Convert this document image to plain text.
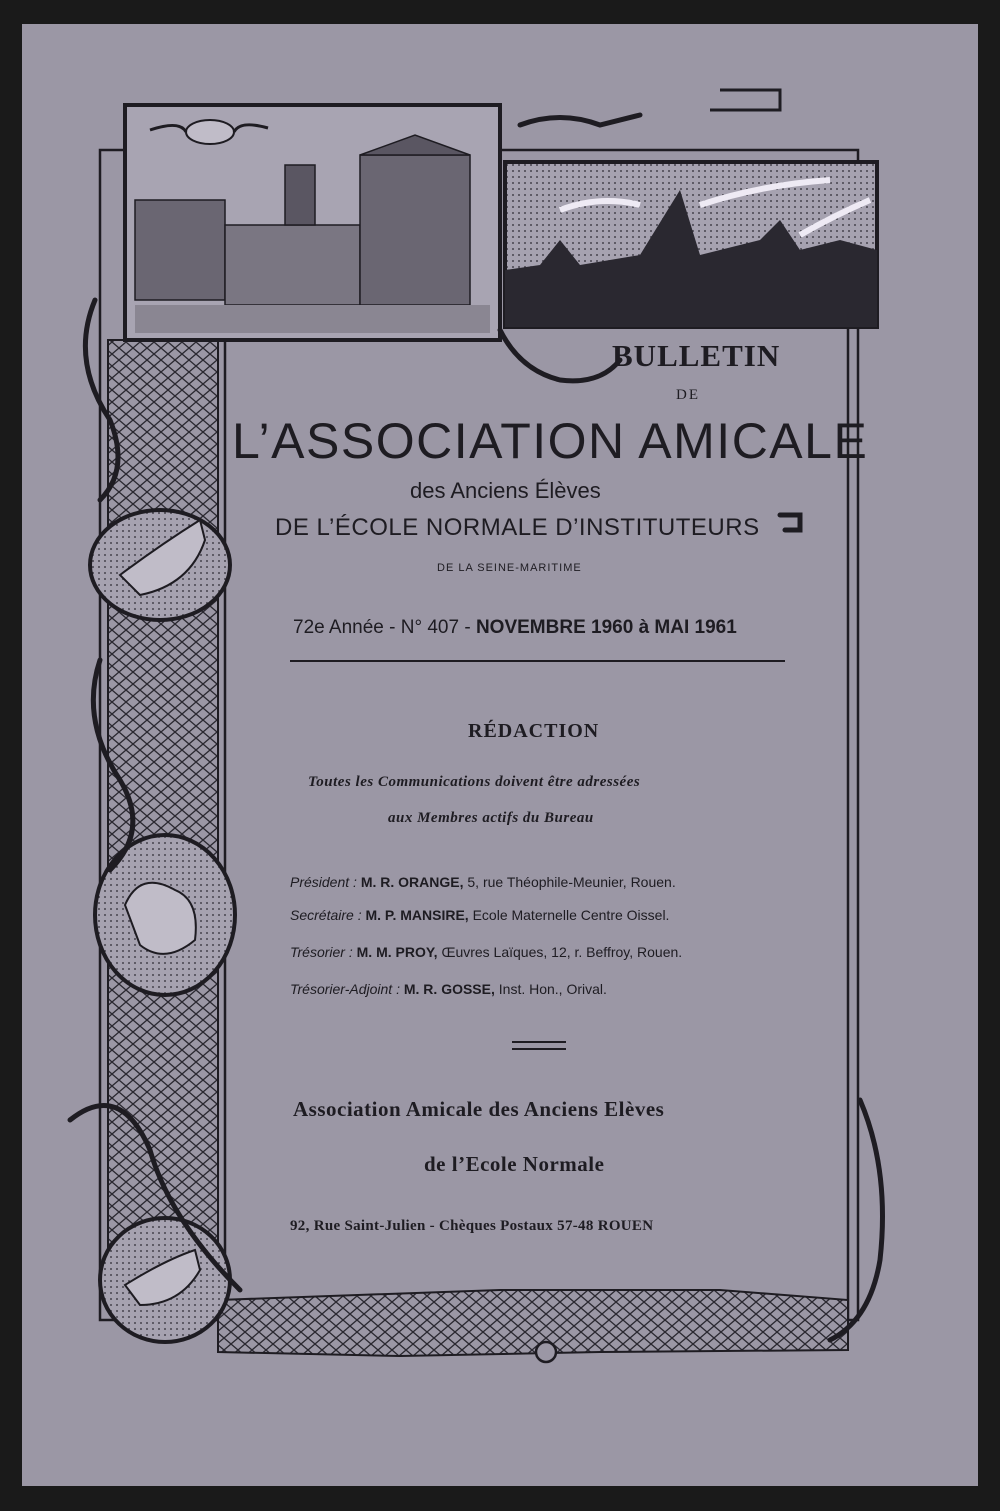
BULLETIN
DE
L’ASSOCIATION AMICALE
des Anciens Élèves
DE L’ÉCOLE NORMALE D’INSTITUTEURS
DE LA SEINE-MARITIME
72e Année - N° 407 - NOVEMBRE 1960 à MAI 1961
RÉDACTION
Toutes les Communications doivent être adressées
aux Membres actifs du Bureau
Président : M. R. ORANGE, 5, rue Théophile-Meunier, Rouen.
Secrétaire : M. P. MANSIRE, Ecole Maternelle Centre Oissel.
Trésorier : M. M. PROY, Œuvres Laïques, 12, r. Beffroy, Rouen.
Trésorier-Adjoint : M. R. GOSSE, Inst. Hon., Orival.
Association Amicale des Anciens Elèves
de l’Ecole Normale
92, Rue Saint-Julien - Chèques Postaux 57-48 ROUEN
